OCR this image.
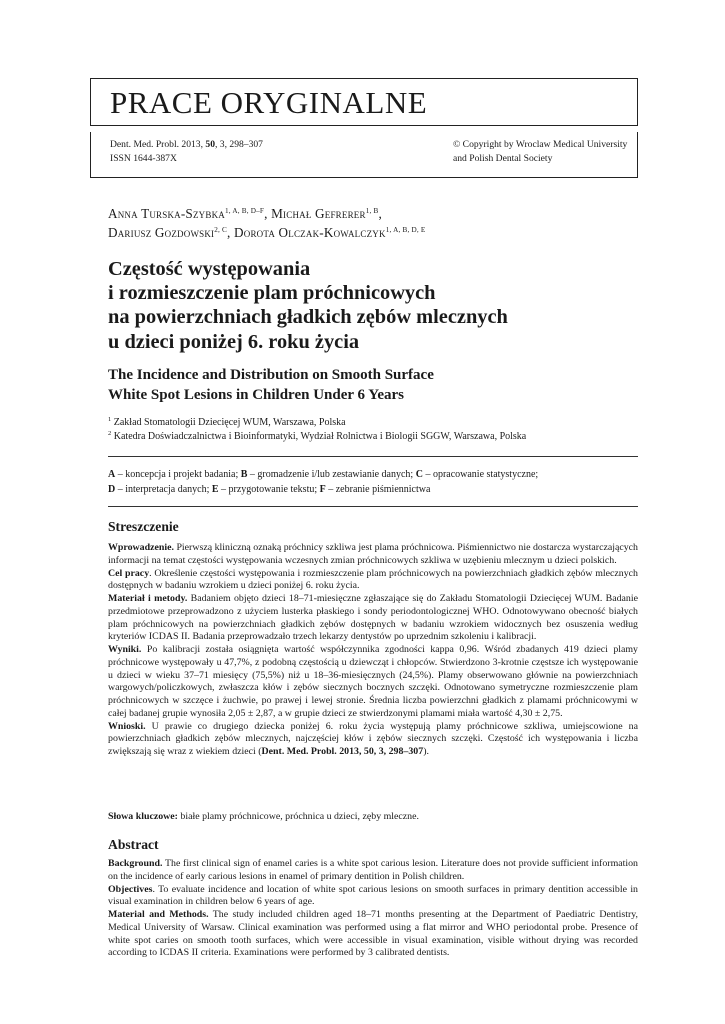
PRACE ORYGINALNE
Dent. Med. Probl. 2013, 50, 3, 298–307
ISSN 1644-387X
© Copyright by Wroclaw Medical University
and Polish Dental Society
Anna Turska-Szybka$^{1, A, B, D-F}$, Michał Gefrerer$^{1, B}$,
Dariusz Gozdowski$^{2, C}$, Dorota Olczak-Kowalczyk$^{1, A, B, D, E}$
Częstość występowania
i rozmieszczenie plam próchnicowych
na powierzchniach gładkich zębów mlecznych
u dzieci poniżej 6. roku życia
The Incidence and Distribution on Smooth Surface
White Spot Lesions in Children Under 6 Years
$^1$ Zakład Stomatologii Dziecięcej WUM, Warszawa, Polska
$^2$ Katedra Doświadczalnictwa i Bioinformatyki, Wydział Rolnictwa i Biologii SGGW, Warszawa, Polska
A – koncepcja i projekt badania; B – gromadzenie i/lub zestawianie danych; C – opracowanie statystyczne;
D – interpretacja danych; E – przygotowanie tekstu; F – zebranie piśmiennictwa
Streszczenie

Wprowadzenie. Pierwszą kliniczną oznaką próchnicy szkliwa jest plama próchnicowa. Piśmiennictwo nie dostarcza wystarczających informacji na temat częstości występowania wczesnych zmian próchnicowych szkliwa w uzębieniu mlecznym u dzieci polskich.

Cel pracy. Określenie częstości występowania i rozmieszczenie plam próchnicowych na powierzchniach gładkich zębów mlecznych dostępnych w badaniu wzrokiem u dzieci poniżej 6. roku życia.

Materiał i metody. Badaniem objęto dzieci 18–71-miesięczne zgłaszające się do Zakładu Stomatologii Dziecięcej WUM. Badanie przedmiotowe przeprowadzono z użyciem lusterka płaskiego i sondy periodontologicznej WHO. Odnotowywano obecność białych plam próchnicowych na powierzchniach gładkich zębów dostępnych w badaniu wzrokiem widocznych bez osuszenia według kryteriów ICDAS II. Badania przeprowadzało trzech lekarzy dentystów po uprzednim szkoleniu i kalibracji.

Wyniki. Po kalibracji została osiągnięta wartość współczynnika zgodności kappa 0,96. Wśród zbadanych 419 dzieci plamy próchnicowe występowały u 47,7%, z podobną częstością u dziewcząt i chłopców. Stwierdzono 3-krotnie częstsze ich występowanie u dzieci w wieku 37–71 miesięcy (75,5%) niż u 18–36-miesięcznych (24,5%). Plamy obserwowano głównie na powierzchniach wargowych/policzkowych, zwłaszcza kłów i zębów siecznych bocznych szczęki. Odnotowano symetryczne rozmieszczenie plam próchnicowych w szczęce i żuchwie, po prawej i lewej stronie. Średnia liczba powierzchni gładkich z plamami próchnicowymi w całej badanej grupie wynosiła 2,05 ± 2,87, a w grupie dzieci ze stwierdzonymi plamami miała wartość 4,30 ± 2,75.

Wnioski. U prawie co drugiego dziecka poniżej 6. roku życia występują plamy próchnicowe szkliwa, umiejscowione na powierzchniach gładkich zębów mlecznych, najczęściej kłów i zębów siecznych szczęki. Częstość ich występowania i liczba zwiększają się wraz z wiekiem dzieci (Dent. Med. Probl. 2013, 50, 3, 298–307).

Słowa kluczowe: białe plamy próchnicowe, próchnica u dzieci, zęby mleczne.
Abstract

Background. The first clinical sign of enamel caries is a white spot carious lesion. Literature does not provide sufficient information on the incidence of early carious lesions in enamel of primary dentition in Polish children.

Objectives. To evaluate incidence and location of white spot carious lesions on smooth surfaces in primary dentition accessible in visual examination in children below 6 years of age.

Material and Methods. The study included children aged 18–71 months presenting at the Department of Paediatric Dentistry, Medical University of Warsaw. Clinical examination was performed using a flat mirror and WHO periodontal probe. Presence of white spot caries on smooth tooth surfaces, which were accessible in visual examination, visible without drying was recorded according to ICDAS II criteria. Examinations were performed by 3 calibrated dentists.
